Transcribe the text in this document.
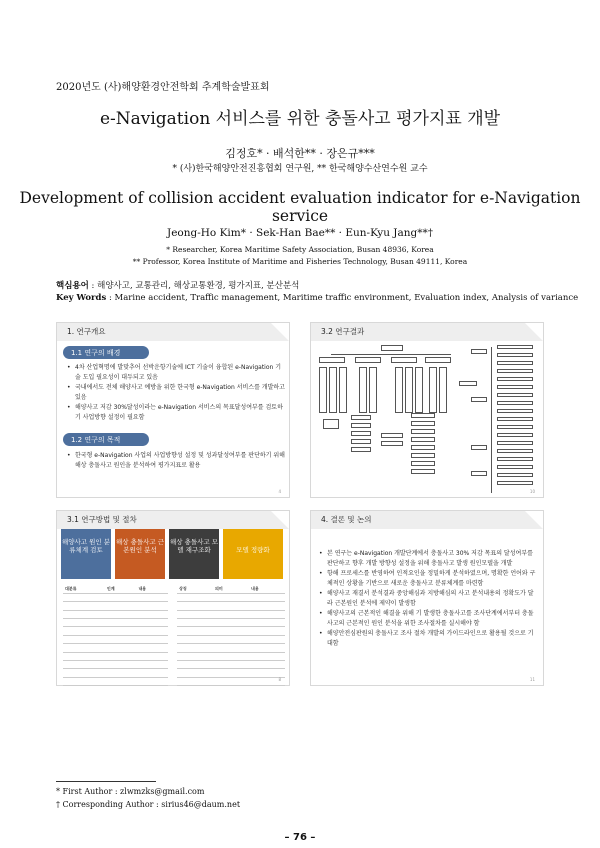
2020년도 (사)해양환경안전학회 추계학술발표회
e-Navigation 서비스를 위한 충돌사고 평가지표 개발
김정호* · 배석한** · 장은규***
* (사)한국해양안전진흥협회 연구원, ** 한국해양수산연수원 교수
Development of collision accident evaluation indicator for e-Navigation service
Jeong-Ho Kim* · Sek-Han Bae** · Eun-Kyu Jang**†
* Researcher, Korea Maritime Safety Association, Busan 48936, Korea
** Professor, Korea Institute of Maritime and Fisheries Technology, Busan 49111, Korea
핵심용어 : 해양사고, 교통관리, 해상교통환경, 평가지표, 분산분석
Key Words : Marine accident, Traffic management, Maritime traffic environment, Evaluation index, Analysis of variance
1. 연구개요
1.1 연구의 배경
• 4차 산업혁명에 발맞추어 선박운항기술에 ICT 기술이 융합된 e-Navigation 기술 도입 필요성이 대두되고 있음
• 국내에서도 전체 해양사고 예방을 위한 한국형 e-Navigation 서비스를 개발하고 있음
• 해양사고 저감 30%달성이라는 e-Navigation 서비스의 목표달성여부를 검토하기 사업방향 설정이 필요함
1.2 연구의 목적
• 한국형 e-Navigation 사업의 사업방향성 설정 및 성과달성여부를 판단하기 위해 해상 충돌사고 원인을 분석하여 평가지표로 활용
4
3.2 연구결과
10
3.1 연구방법 및 절차
해양사고 원인 분류체계 검토
해상 충돌사고 근본원인 분석
해상 충돌사고 모델 재구조화	모델 정량화
대분류	인계	내용

			상징	의미	내용

8
4. 결론 및 논의
• 본 연구는 e-Navigation 개발단계에서 충돌사고 30% 저감 목표의 달성여부를 판단하고 향후 개발 방향성 설정을 위해 충돌사고 발생 원인모델을 개발
• 항해 프로세스를 반영하여 인적요인을 정밀하게 분석하였으며, 명확한 언어와 구체적인 상황을 기반으로 새로운 충돌사고 분류체계를 마련함
• 해양사고 재결서 분석결과 중앙해심과 지방해심의 사고 분석내용의 정확도가 달라 근본원인 분석에 제약이 발생함
• 해양사고의 근본적인 해결을 위해 기 발생한 충돌사고를 조사단계에서부터 충돌사고의 근본적인 원인 분석을 위한 조사절차를 실시해야 함
• 해양안전심판원의 충돌사고 조사 절차 개발의 가이드라인으로 활용될 것으로 기대함
11
* First Author : zlwmzks@gmail.com
† Corresponding Author : sirius46@daum.net
– 76 –
